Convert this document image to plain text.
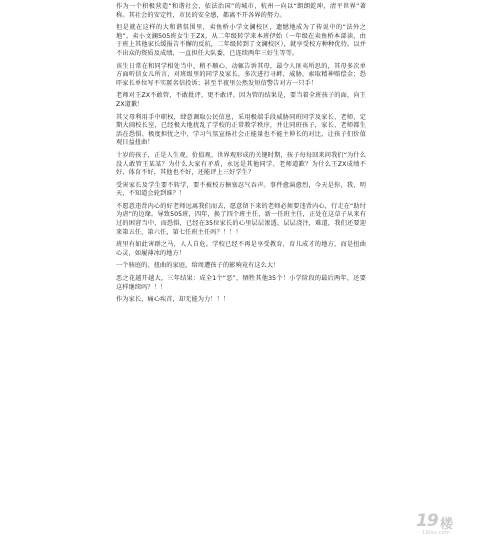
作为一个积极营造“和谐社会，依法治国”的城市，杭州一向以“朗朗乾坤，清平世界”著称。其社会的安定性，市民的安全感，都离不开各界的努力。

但是就在这样的大和谐氛围里，卖鱼桥小学文澜校区，遗憾地成为了传说中的“法外之地”。卖小文澜505班女生王ZX，从二年级转学来本班伊始（一年级在卖鱼桥本部读，由于班上其他家长缓报告不懈的反抗，二年级转到了文澜校区），就享受校方种种优待。以并不出众的资质及成绩，一直担任大队委，已连续两年三好生等等。

该生日常在和同学相处当中，稍不顺心，动辄告诉其母，最令人匪夷所思的，其母多次单方面听信女儿所言，对班级里的同学及家长，多次进行寻衅，威胁，索取精神赔偿金；恐吓家长单位写不实匿名信投诉；甚至半夜里公然发短信警告对方一只手！

老师对王ZX不敢管，不敢批评，更不敢评。因为管的结果是，要当着全班孩子的面，向王ZX道歉！

其父母利用手中职权，肆意调取公民信息，采用极端手段威胁同班同学及家长、老师，定期大闹校长室，已经极大地扰乱了学校的正常教学秩序，并让同班孩子，家长、老师都生活在恐惧、极度担忧之中，学习气氛宣扬社会正能量也不能主伸长的对比，让孩子们价值观日益扭曲！

十岁的孩子，正是人生观、价值观、世界观形成的关键时期，孩子每每回来问我们“为什么没人敢管王某某？为什么大家有矛盾，永远是其他同学、老师道歉？为什么王ZX成绩不好，体育不好，其他也不好，还能评上三好学生？

受害家长及学生要不转学，要不被校方搪塞忍气吞声。事件愈演愈烈，今天是你，我，明天，不知道会轮到谁？！

不愿意违背内心的好老师远离我们而去，愿意留下来的老师必须要违背内心，行走在“助纣为虐”的边缘。导致505班，四年，换了四个班主任，新一任班主任，正处在这草子从来有过的困窘当中，而恐惧，已经在35位家长的心里层层渗透，层层浇注，难道，我们还要迎来第五任，第六任，第七任班主任吗？！！！

班里有如此害群之马，人人自危。学校已经不再是享受教育，育儿成才的地方，而是扭曲心灵，如履薄冰的地方！

一个骇庭的、扭曲的家庭，给周遭孩子的影响竟有这么大！

恶之花越开越大，三年结果：成全1个“恶”，牺牲其他35个！小学阶段的最后两年，还要这样继续吗？！！

作为家长，痛心疾首，却无能为力！！！

19 楼
19lou.com
